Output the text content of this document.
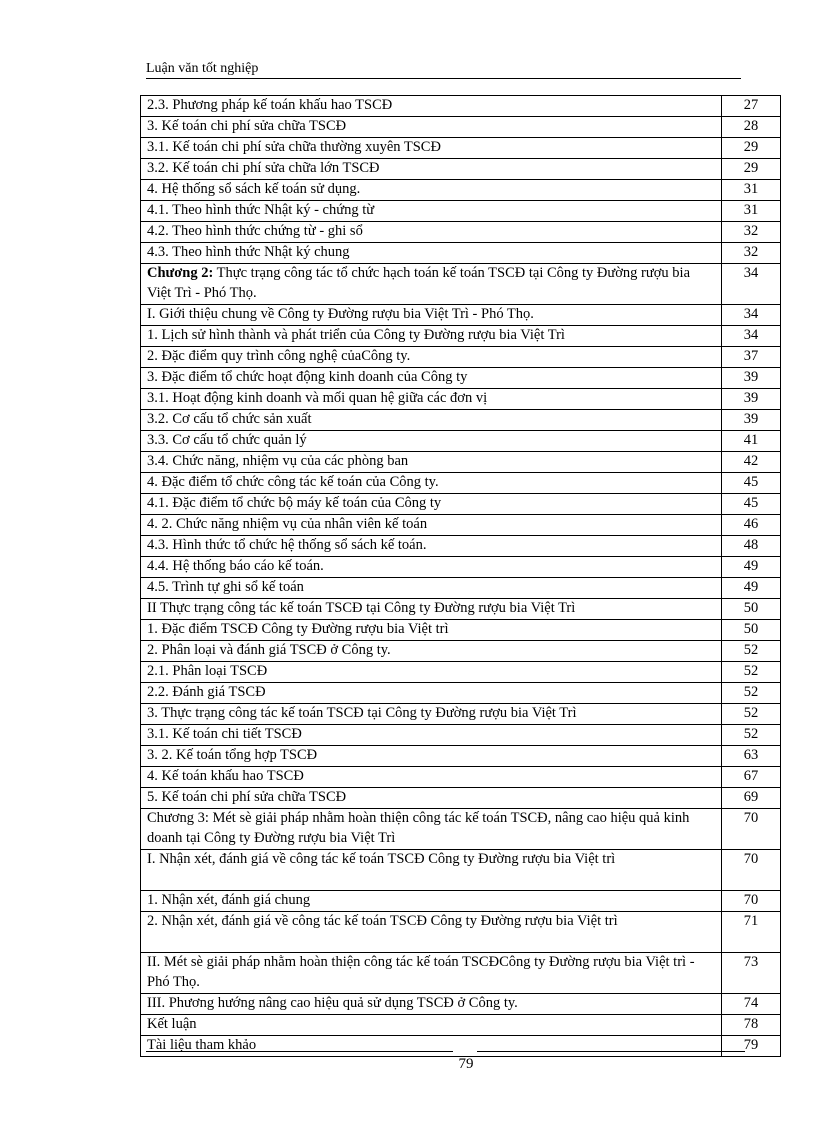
Luận văn tốt nghiệp
2.3. Phương pháp kế toán khấu hao TSCĐ	27
3. Kế toán chi phí sửa chữa TSCĐ	28
3.1. Kế toán chi phí sửa chữa thường xuyên TSCĐ	29
3.2. Kế toán chi phí sửa chữa lớn TSCĐ	29
4. Hệ thống sổ sách kế toán sử dụng.	31
4.1. Theo hình thức Nhật ký - chứng từ	31
4.2. Theo hình thức chứng từ - ghi sổ	32
4.3. Theo hình thức Nhật ký chung	32
Chương 2: Thực trạng công tác tổ chức hạch toán kế toán TSCĐ tại Công ty Đường rượu bia Việt Trì - Phó Thọ.	34
I. Giới thiệu chung về Công ty Đường rượu bia Việt Trì - Phó Thọ.	34
1. Lịch sử hình thành và phát triển của Công ty Đường rượu bia Việt Trì	34
2. Đặc điểm quy trình công nghệ củaCông ty.	37
3. Đặc điểm tổ chức hoạt động kinh doanh của Công ty	39
3.1. Hoạt động kinh doanh và mối quan hệ giữa các đơn vị	39
3.2. Cơ cấu tổ chức sản xuất	39
3.3. Cơ cấu tổ chức quản lý	41
3.4. Chức năng, nhiệm vụ của các phòng ban	42
4. Đặc điểm tổ chức công tác kế toán của Công ty.	45
4.1. Đặc điểm tổ chức bộ máy kế toán của Công ty	45
4. 2. Chức năng nhiệm vụ của nhân viên kế toán	46
4.3. Hình thức tổ chức hệ thống sổ sách kế toán.	48
4.4. Hệ thống báo cáo kế toán.	49
4.5. Trình tự ghi sổ kế toán	49
II Thực trạng công tác kế toán TSCĐ tại Công ty Đường rượu bia Việt Trì	50
1. Đặc điểm TSCĐ Công ty Đường rượu bia Việt trì	50
2. Phân loại và đánh giá TSCĐ ở Công ty.	52
2.1. Phân loại TSCĐ	52
2.2. Đánh giá TSCĐ	52
3. Thực trạng công tác kế toán TSCĐ tại Công ty Đường rượu bia Việt Trì	52
3.1. Kế toán chi tiết TSCĐ	52
3. 2. Kế toán tổng hợp TSCĐ	63
4. Kế toán khấu hao TSCĐ	67
5. Kế toán chi phí sửa chữa TSCĐ	69
Chương 3: Mét sè giải pháp nhằm hoàn thiện công tác kế toán TSCĐ, nâng cao hiệu quả kinh doanh tại Công ty Đường rượu bia Việt Trì	70
I. Nhận xét, đánh giá về công tác kế toán TSCĐ Công ty Đường rượu bia Việt trì	70
1. Nhận xét, đánh giá chung	70
2. Nhận xét, đánh giá về công tác kế toán TSCĐ Công ty Đường rượu bia Việt trì	71
II. Mét sè giải pháp nhằm hoàn thiện công tác kế toán TSCĐCông ty Đường rượu bia Việt trì - Phó Thọ.	73
III. Phương hướng nâng cao hiệu quả sử dụng TSCĐ ở Công ty.	74
Kết luận	78
Tài liệu tham khảo	79
79
